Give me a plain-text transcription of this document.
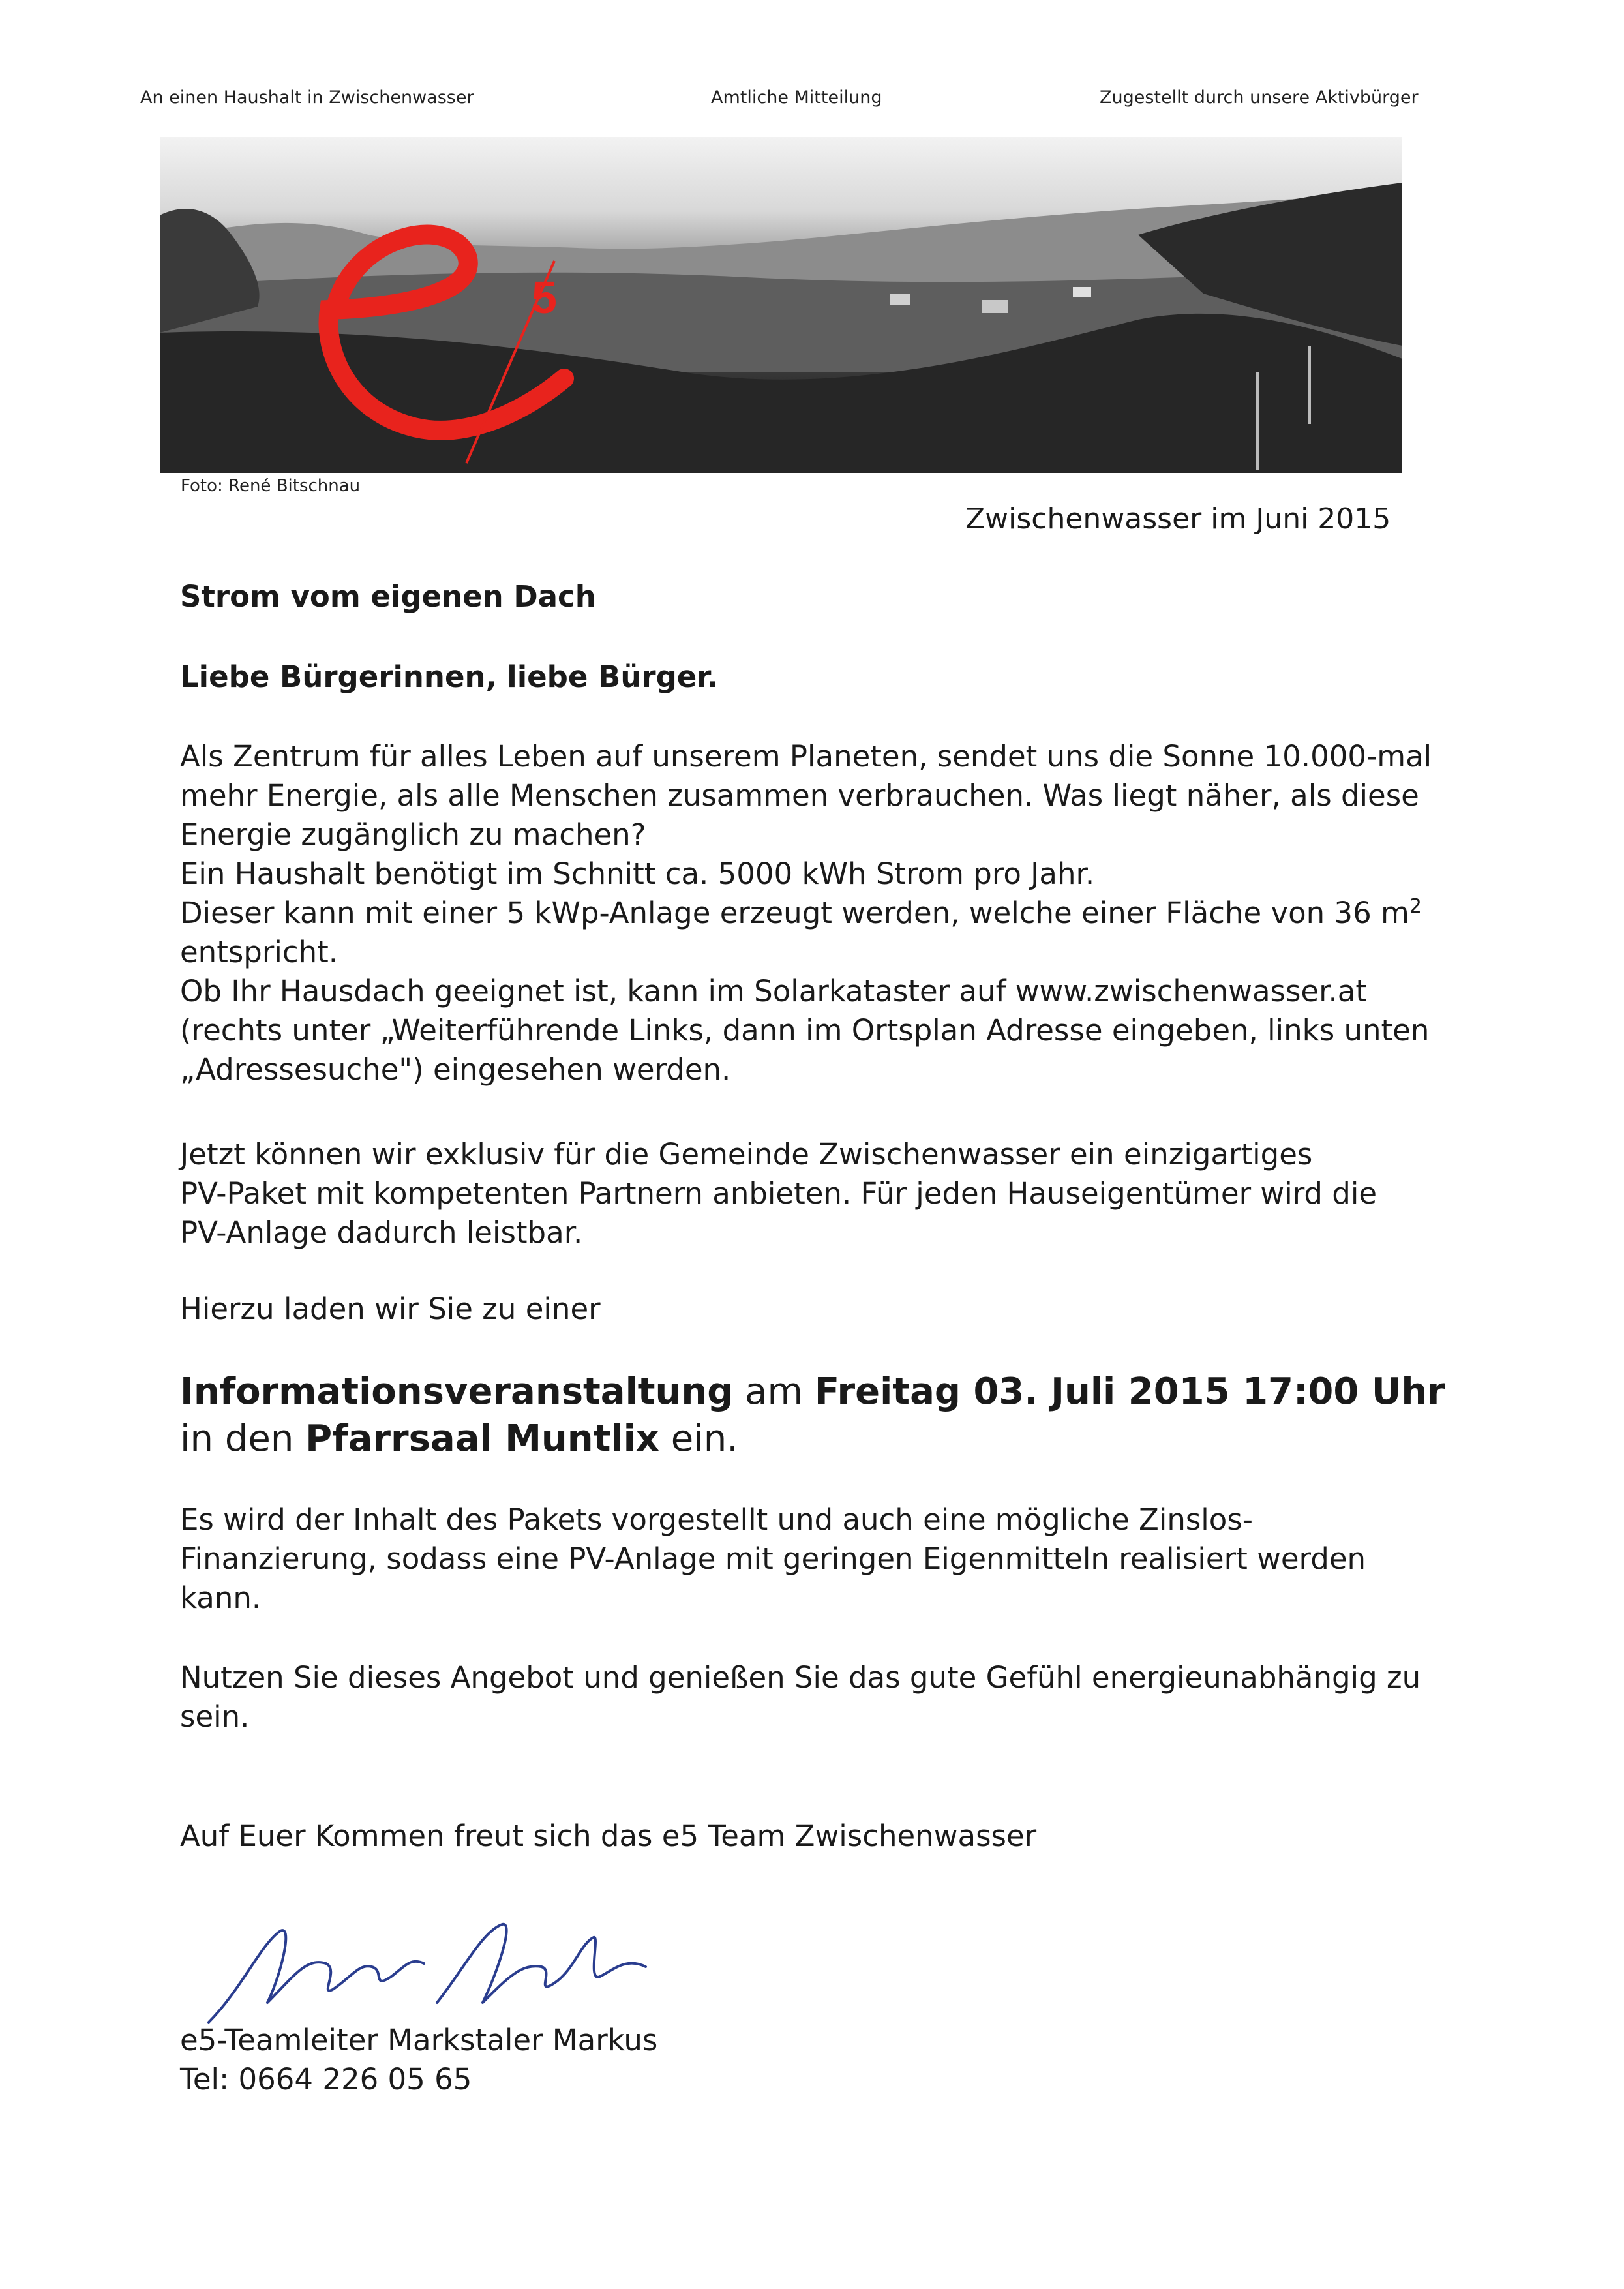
An einen Haushalt in Zwischenwasser	Amtliche Mitteilung	Zugestellt durch unsere Aktivbürger
5
Foto: René Bitschnau
Zwischenwasser im Juni 2015
Strom vom eigenen Dach
Liebe Bürgerinnen, liebe Bürger.
Als Zentrum für alles Leben auf unserem Planeten, sendet uns die Sonne 10.000-mal
mehr Energie, als alle Menschen zusammen verbrauchen. Was liegt näher, als diese
Energie zugänglich zu machen?
Ein Haushalt benötigt im Schnitt ca. 5000 kWh Strom pro Jahr.
Dieser kann mit einer 5 kWp-Anlage erzeugt werden, welche einer Fläche von 36 $m^2$
entspricht.
Ob Ihr Hausdach geeignet ist, kann im Solarkataster auf www.zwischenwasser.at
(rechts unter „Weiterführende Links, dann im Ortsplan Adresse eingeben, links unten
„Adressesuche") eingesehen werden.
Jetzt können wir exklusiv für die Gemeinde Zwischenwasser ein einzigartiges
PV-Paket mit kompetenten Partnern anbieten. Für jeden Hauseigentümer wird die
PV-Anlage dadurch leistbar.
Hierzu laden wir Sie zu einer
Informationsveranstaltung am Freitag 03. Juli 2015 17:00 Uhr
in den Pfarrsaal Muntlix ein.
Es wird der Inhalt des Pakets vorgestellt und auch eine mögliche Zinslos-
Finanzierung, sodass eine PV-Anlage mit geringen Eigenmitteln realisiert werden
kann.
Nutzen Sie dieses Angebot und genießen Sie das gute Gefühl energieunabhängig zu
sein.
Auf Euer Kommen freut sich das e5 Team Zwischenwasser
e5-Teamleiter Markstaler Markus
Tel: 0664 226 05 65
